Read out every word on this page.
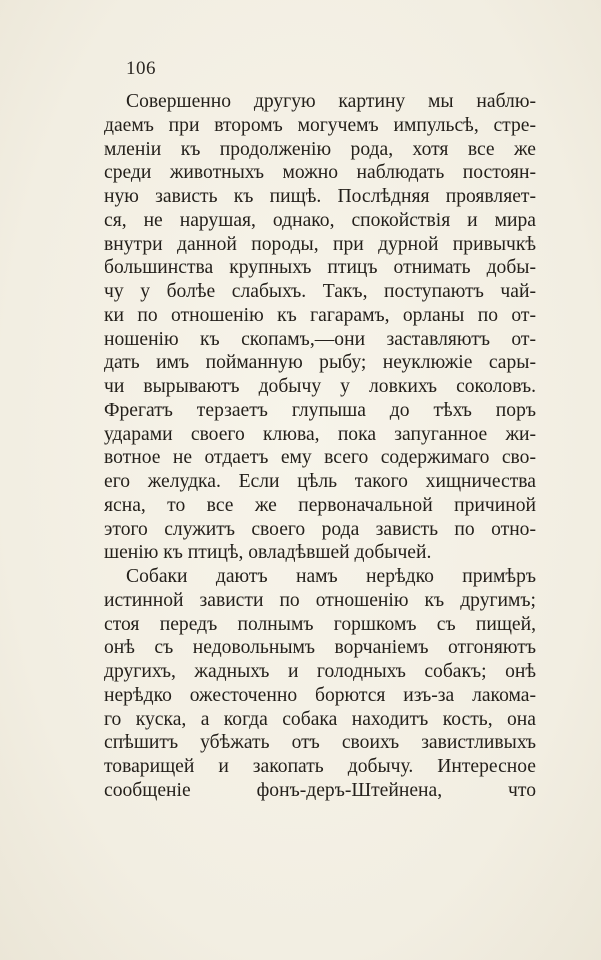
106
Совершенно другую картину мы наблю-
даемъ при второмъ могучемъ импульсѣ, стре-
мленіи къ продолженію рода, хотя все же
среди животныхъ можно наблюдать постоян-
ную зависть къ пищѣ. Послѣдняя проявляет-
ся, не нарушая, однако, спокойствія и мира
внутри данной породы, при дурной привычкѣ
большинства крупныхъ птицъ отнимать добы-
чу у болѣе слабыхъ. Такъ, поступаютъ чай-
ки по отношенію къ гагарамъ, орланы по от-
ношенію къ скопамъ,—они заставляютъ от-
дать имъ пойманную рыбу; неуклюжіе сары-
чи вырываютъ добычу у ловкихъ соколовъ.
Фрегатъ терзаетъ глупыша до тѣхъ поръ
ударами своего клюва, пока запуганное жи-
вотное не отдаетъ ему всего содержимаго сво-
его желудка. Если цѣль такого хищничества
ясна, то все же первоначальной причиной
этого служитъ своего рода зависть по отно-
шенію къ птицѣ, овладѣвшей добычей.
Собаки даютъ намъ нерѣдко примѣръ
истинной зависти по отношенію къ другимъ;
стоя передъ полнымъ горшкомъ съ пищей,
онѣ съ недовольнымъ ворчаніемъ отгоняютъ
другихъ, жадныхъ и голодныхъ собакъ; онѣ
нерѣдко ожесточенно борются изъ-за лакома-
го куска, а когда собака находитъ кость, она
спѣшитъ убѣжать отъ своихъ завистливыхъ
товарищей и закопать добычу. Интересное
сообщеніе фонъ-деръ-Штейнена, что
